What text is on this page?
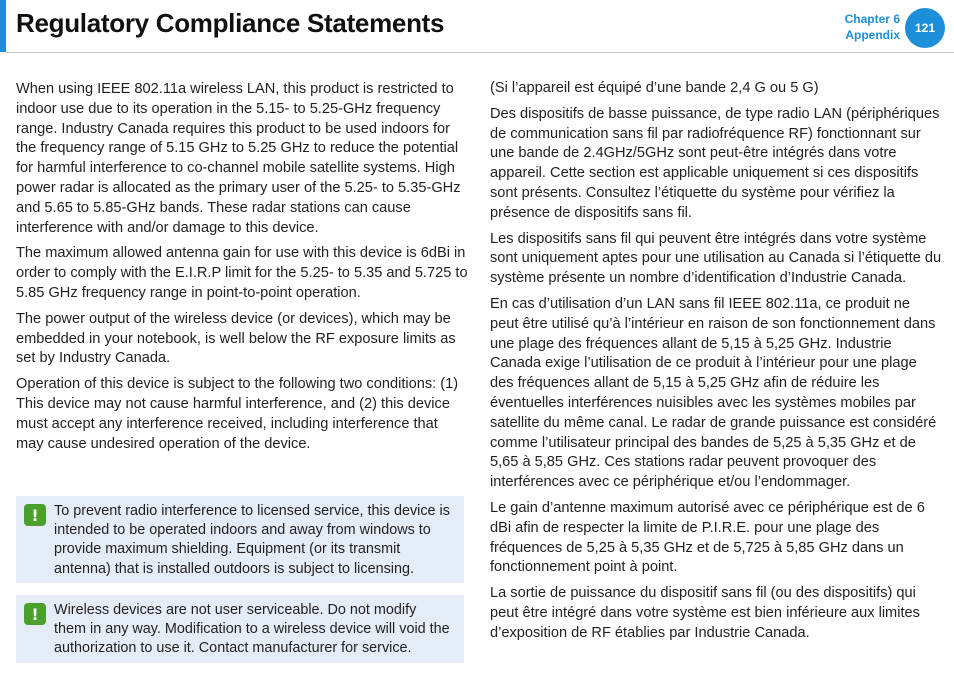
Regulatory Compliance Statements	Chapter 6
Appendix	121

When using IEEE 802.11a wireless LAN, this product is restricted to indoor use due to its operation in the 5.15- to 5.25-GHz frequency range. Industry Canada requires this product to be used indoors for the frequency range of 5.15 GHz to 5.25 GHz to reduce the potential for harmful interference to co-channel mobile satellite systems. High power radar is allocated as the primary user of the 5.25- to 5.35-GHz and 5.65 to 5.85-GHz bands. These radar stations can cause interference with and/or damage to this device.

The maximum allowed antenna gain for use with this device is 6dBi in order to comply with the E.I.R.P limit for the 5.25- to 5.35 and 5.725 to 5.85 GHz frequency range in point-to-point operation.

The power output of the wireless device (or devices), which may be embedded in your notebook, is well below the RF exposure limits as set by Industry Canada.

Operation of this device is subject to the following two conditions: (1) This device may not cause harmful interference, and (2) this device must accept any interference received, including interference that may cause undesired operation of the device.

To prevent radio interference to licensed service, this device is intended to be operated indoors and away from windows to provide maximum shielding. Equipment (or its transmit antenna) that is installed outdoors is subject to licensing.
!
Wireless devices are not user serviceable. Do not modify them in any way. Modification to a wireless device will void the authorization to use it. Contact manufacturer for service.
!

(Si l’appareil est équipé d’une bande 2,4 G ou 5 G)

Des dispositifs de basse puissance, de type radio LAN (périphériques de communication sans fil par radiofréquence RF) fonctionnant sur une bande de 2.4GHz/5GHz sont peut-être intégrés dans votre appareil. Cette section est applicable uniquement si ces dispositifs sont présents. Consultez l’étiquette du système pour vérifiez la présence de dispositifs sans fil.

Les dispositifs sans fil qui peuvent être intégrés dans votre système sont uniquement aptes pour une utilisation au Canada si l’étiquette du système présente un nombre d’identification d’Industrie Canada.

En cas d’utilisation d’un LAN sans fil IEEE 802.11a, ce produit ne peut être utilisé qu’à l’intérieur en raison de son fonctionnement dans une plage des fréquences allant de 5,15 à 5,25 GHz. Industrie Canada exige l’utilisation de ce produit à l’intérieur pour une plage des fréquences allant de 5,15 à 5,25 GHz afin de réduire les éventuelles interférences nuisibles avec les systèmes mobiles par satellite du même canal. Le radar de grande puissance est considéré comme l’utilisateur principal des bandes de 5,25 à 5,35 GHz et de 5,65 à 5,85 GHz. Ces stations radar peuvent provoquer des interférences avec ce périphérique et/ou l’endommager.

Le gain d’antenne maximum autorisé avec ce périphérique est de 6 dBi afin de respecter la limite de P.I.R.E. pour une plage des fréquences de 5,25 à 5,35 GHz et de 5,725 à 5,85 GHz dans un fonctionnement point à point.

La sortie de puissance du dispositif sans fil (ou des dispositifs) qui peut être intégré dans votre système est bien inférieure aux limites d’exposition de RF établies par Industrie Canada.
